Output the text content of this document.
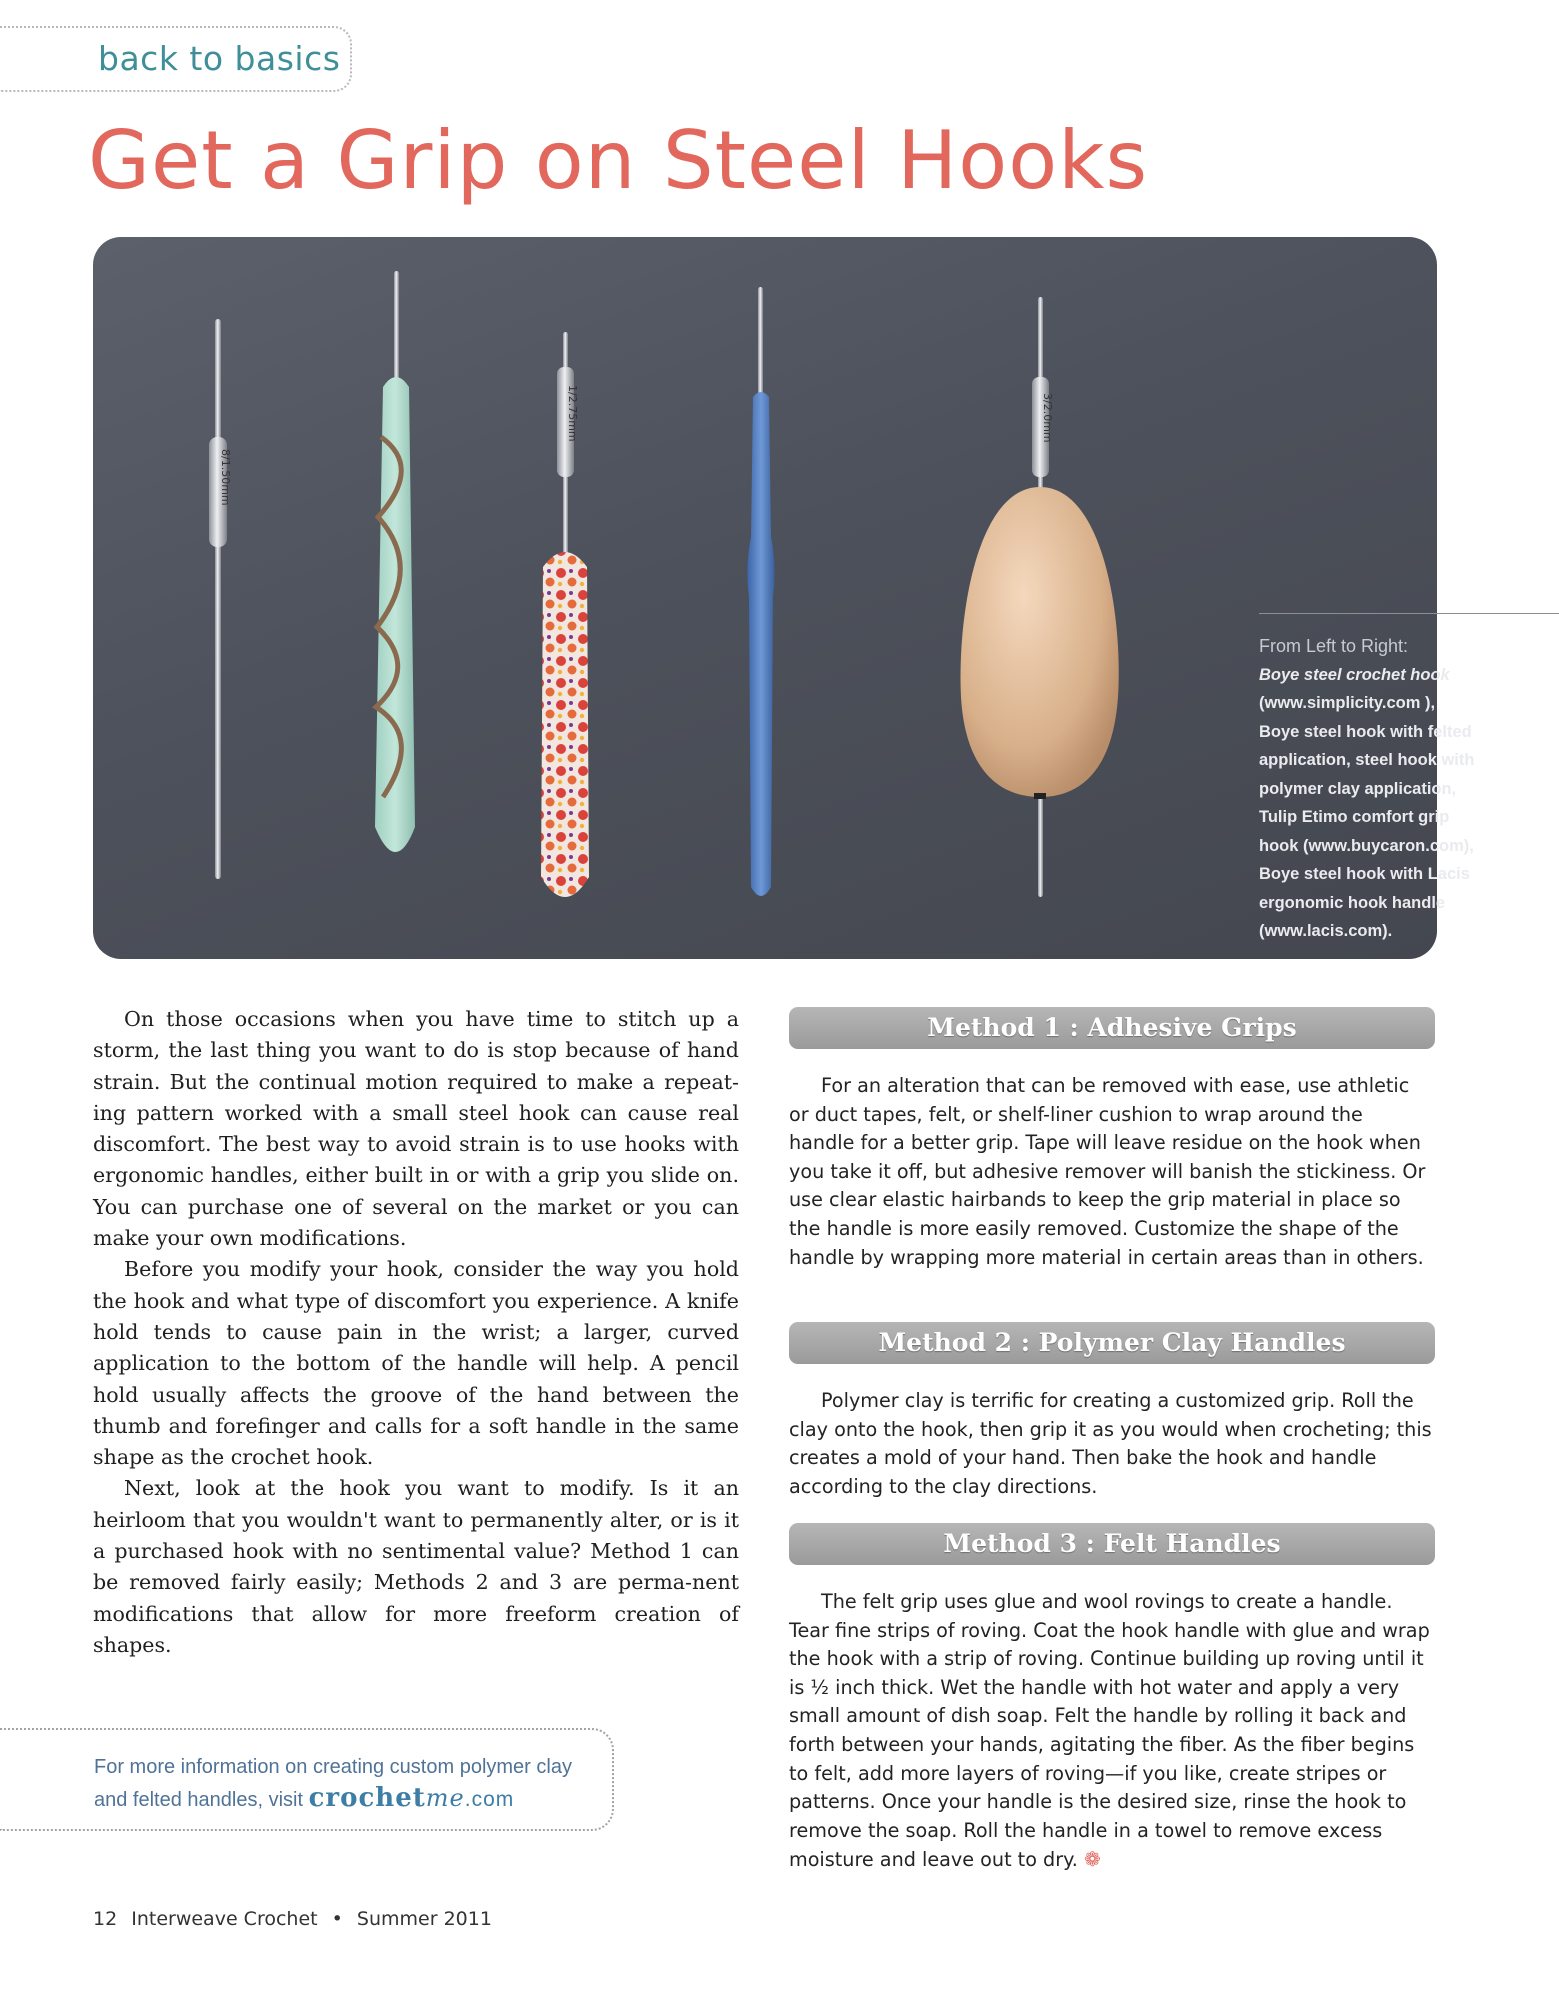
back to basics
Get a Grip on Steel Hooks
8/1.50mm
1/2.75mm	3/2.0mm
From Left to Right:
Boye steel crochet hook
(www.simplicity.com ),
Boye steel hook with felted
application, steel hook with
polymer clay application,
Tulip Etimo comfort grip
hook (www.buycaron.com),
Boye steel hook with Lacis
ergonomic hook handle
(www.lacis.com).

On those occasions when you have time to stitch up a storm, the last thing you want to do is stop because of hand strain. But the continual motion required to make a repeat-ing pattern worked with a small steel hook can cause real discomfort. The best way to avoid strain is to use hooks with ergonomic handles, either built in or with a grip you slide on. You can purchase one of several on the market or you can make your own modifications.

Before you modify your hook, consider the way you hold the hook and what type of discomfort you experience. A knife hold tends to cause pain in the wrist; a larger, curved application to the bottom of the handle will help. A pencil hold usually affects the groove of the hand between the thumb and forefinger and calls for a soft handle in the same shape as the crochet hook.

Next, look at the hook you want to modify. Is it an heirloom that you wouldn't want to permanently alter, or is it a purchased hook with no sentimental value? Method 1 can be removed fairly easily; Methods 2 and 3 are perma-nent modifications that allow for more freeform creation of shapes.

For more information on creating custom polymer clay
and felted handles, visit crochetme.com
Method 1 : Adhesive Grips

For an alteration that can be removed with ease, use athletic or duct tapes, felt, or shelf-liner cushion to wrap around the handle for a better grip. Tape will leave residue on the hook when you take it off, but adhesive remover will banish the stickiness. Or use clear elastic hairbands to keep the grip material in place so the handle is more easily removed. Customize the shape of the handle by wrapping more material in certain areas than in others.

Method 2 : Polymer Clay Handles

Polymer clay is terrific for creating a customized grip. Roll the clay onto the hook, then grip it as you would when crocheting; this creates a mold of your hand. Then bake the hook and handle according to the clay directions.

Method 3 : Felt Handles

The felt grip uses glue and wool rovings to create a handle. Tear fine strips of roving. Coat the hook handle with glue and wrap the hook with a strip of roving. Continue building up roving until it is ½ inch thick. Wet the handle with hot water and apply a very small amount of dish soap. Felt the handle by rolling it back and forth between your hands, agitating the fiber. As the fiber begins to felt, add more layers of roving—if you like, create stripes or patterns. Once your handle is the desired size, rinse the hook to remove the soap. Roll the handle in a towel to remove excess moisture and leave out to dry. ❁

12 Interweave Crochet • Summer 2011
